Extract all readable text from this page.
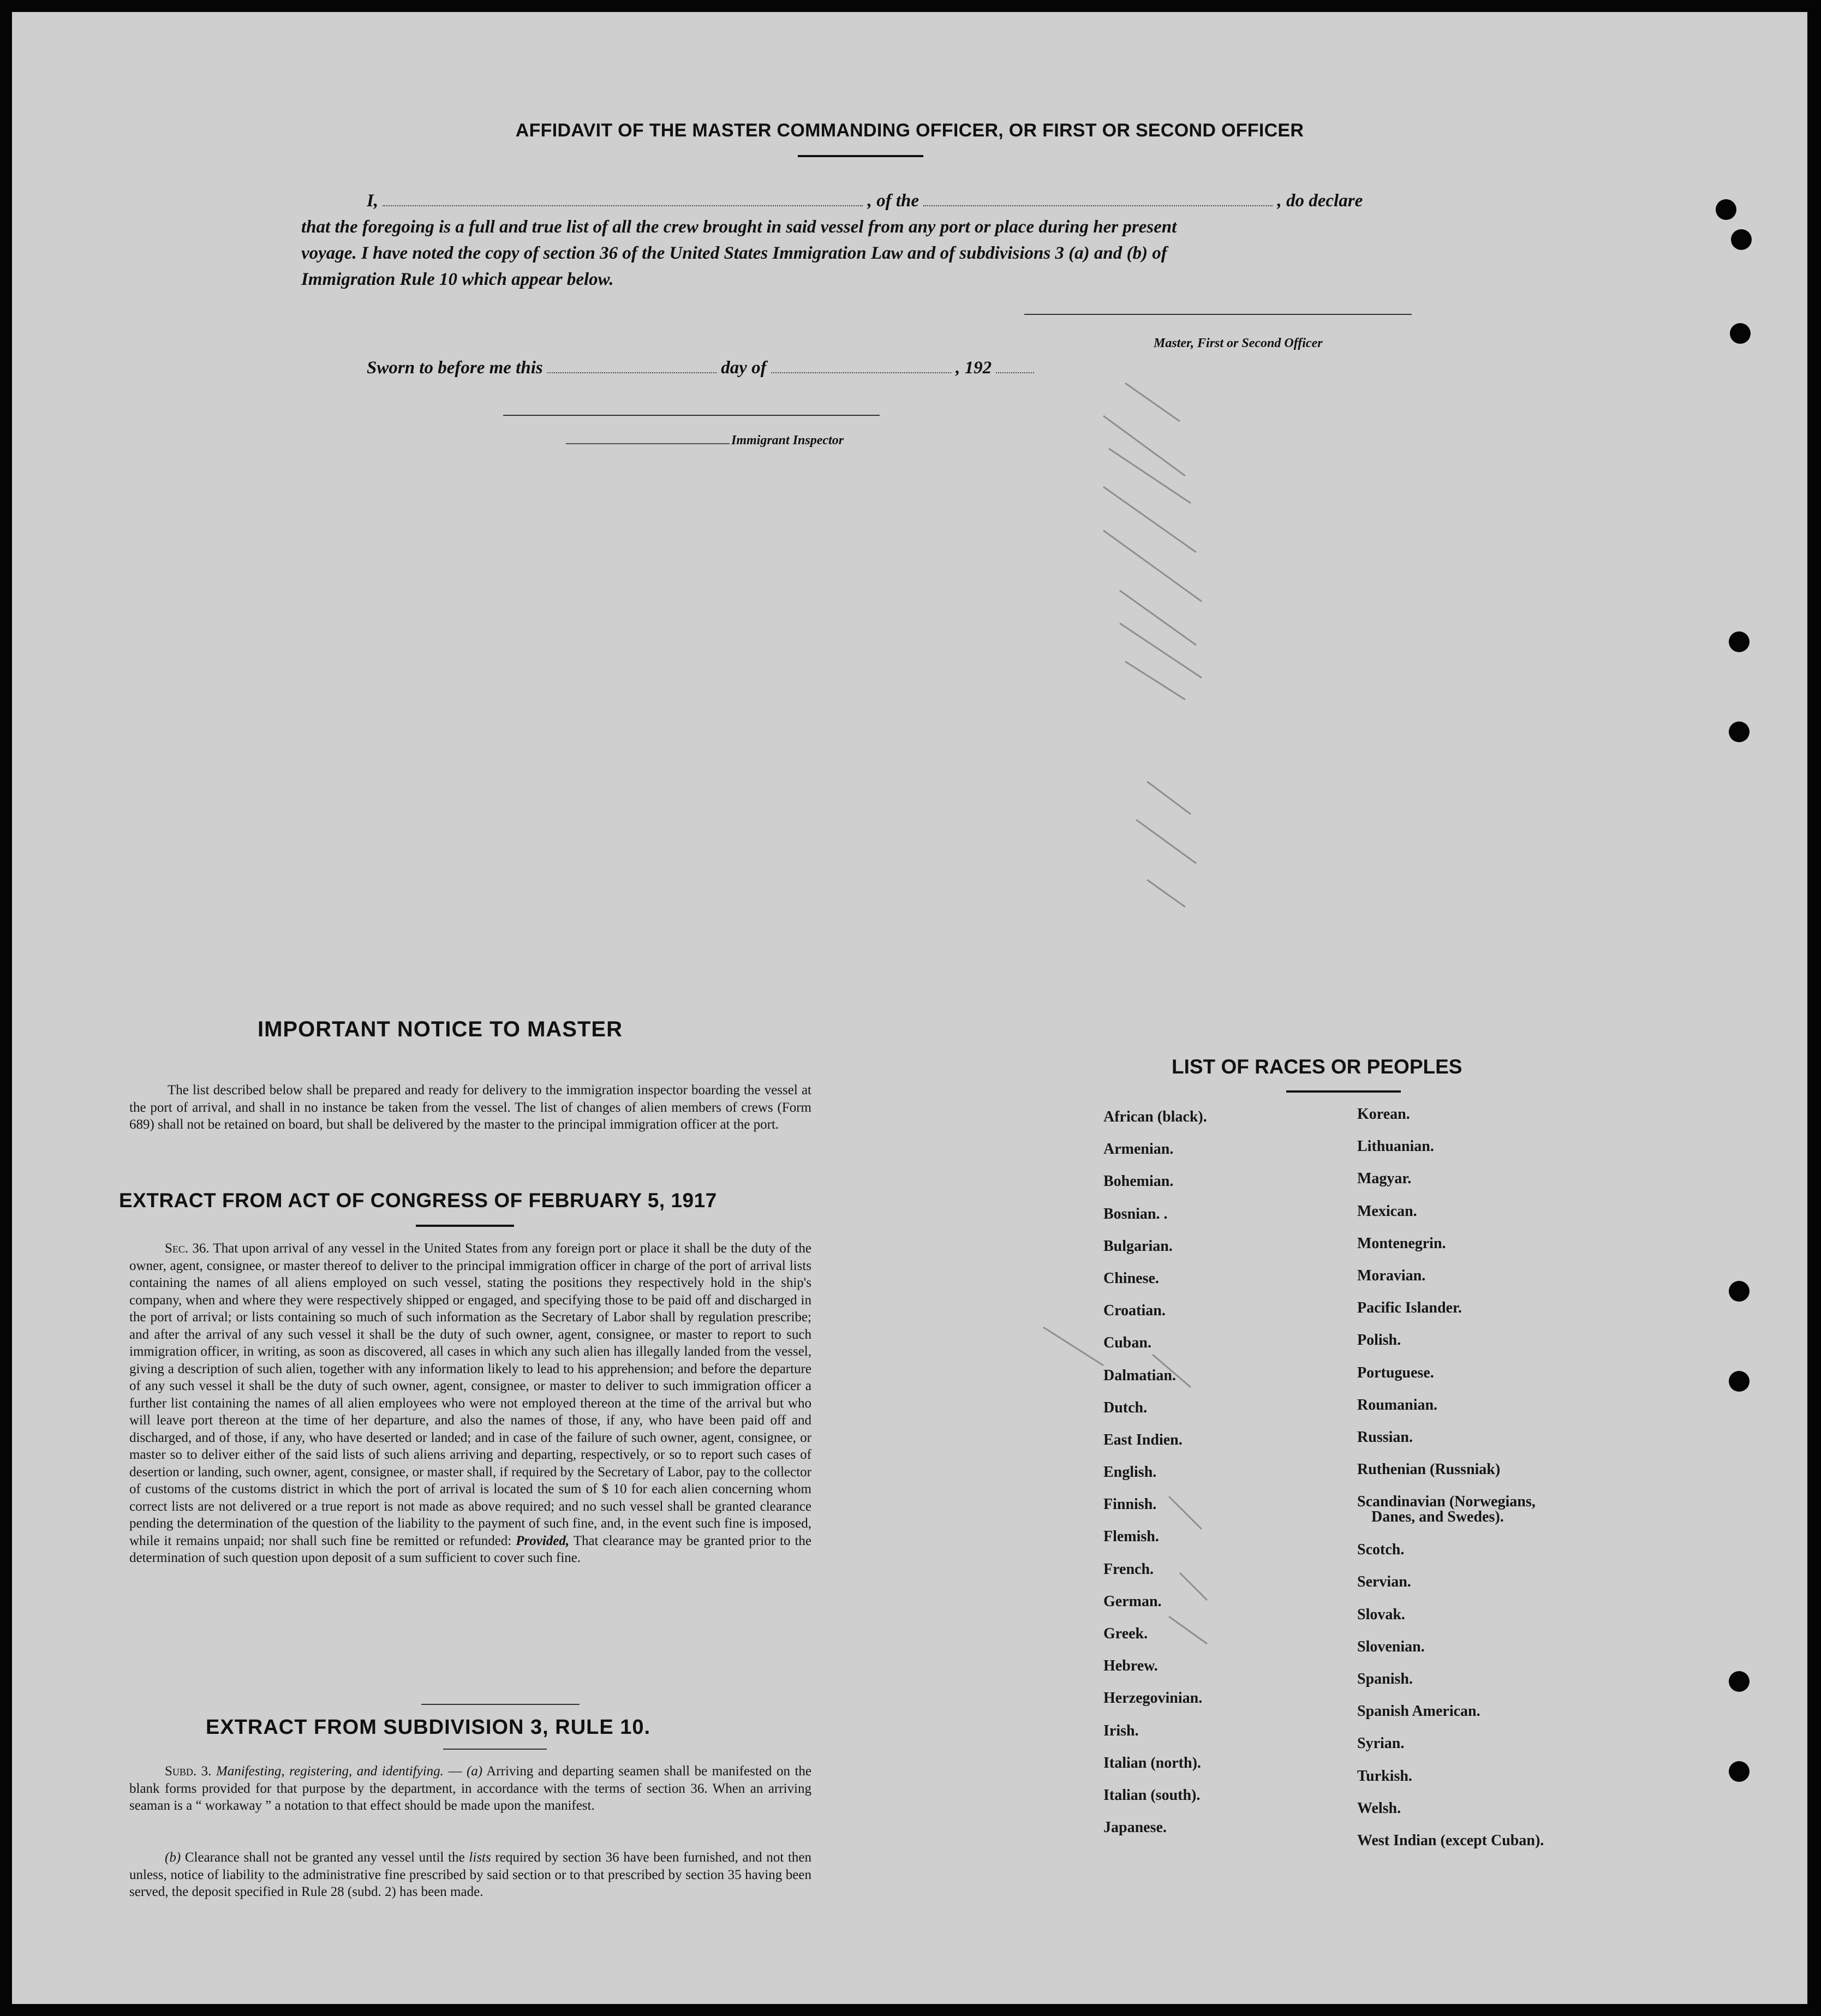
AFFIDAVIT OF THE MASTER COMMANDING OFFICER, OR FIRST OR SECOND OFFICER
I,	, of the	, do declare
that the foregoing is a full and true list of all the crew brought in said vessel from any port or place during her present
voyage. I have noted the copy of section 36 of the United States Immigration Law and of subdivisions 3 (a) and (b) of
Immigration Rule 10 which appear below.
Master, First or Second Officer
Sworn to before me this	day of	, 192
Immigrant Inspector
IMPORTANT NOTICE TO MASTER
The list described below shall be prepared and ready for delivery to the immigration inspector boarding the vessel at the port of arrival, and shall in no instance be taken from the vessel. The list of changes of alien members of crews (Form 689) shall not be retained on board, but shall be delivered by the master to the principal immigration officer at the port.
EXTRACT FROM ACT OF CONGRESS OF FEBRUARY 5, 1917
Sec. 36. That upon arrival of any vessel in the United States from any foreign port or place it shall be the duty of the owner, agent, consignee, or master thereof to deliver to the principal immigration officer in charge of the port of arrival lists containing the names of all aliens employed on such vessel, stating the positions they respectively hold in the ship's company, when and where they were respectively shipped or engaged, and specifying those to be paid off and discharged in the port of arrival; or lists containing so much of such information as the Secretary of Labor shall by regulation prescribe; and after the arrival of any such vessel it shall be the duty of such owner, agent, consignee, or master to report to such immigration officer, in writing, as soon as discovered, all cases in which any such alien has illegally landed from the vessel, giving a description of such alien, together with any information likely to lead to his apprehension; and before the departure of any such vessel it shall be the duty of such owner, agent, consignee, or master to deliver to such immigration officer a further list containing the names of all alien employees who were not employed thereon at the time of the arrival but who will leave port thereon at the time of her departure, and also the names of those, if any, who have been paid off and discharged, and of those, if any, who have deserted or landed; and in case of the failure of such owner, agent, consignee, or master so to deliver either of the said lists of such aliens arriving and departing, respectively, or so to report such cases of desertion or landing, such owner, agent, consignee, or master shall, if required by the Secretary of Labor, pay to the collector of customs of the customs district in which the port of arrival is located the sum of $ 10 for each alien concerning whom correct lists are not delivered or a true report is not made as above required; and no such vessel shall be granted clearance pending the determination of the question of the liability to the payment of such fine, and, in the event such fine is imposed, while it remains unpaid; nor shall such fine be remitted or refunded: Provided, That clearance may be granted prior to the determination of such question upon deposit of a sum sufficient to cover such fine.
EXTRACT FROM SUBDIVISION 3, RULE 10.
Subd. 3. Manifesting, registering, and identifying. — (a) Arriving and departing seamen shall be manifested on the blank forms provided for that purpose by the department, in accordance with the terms of section 36. When an arriving seaman is a “ workaway ” a notation to that effect should be made upon the manifest.
(b) Clearance shall not be granted any vessel until the lists required by section 36 have been furnished, and not then unless, notice of liability to the administrative fine prescribed by said section or to that prescribed by section 35 having been served, the deposit specified in Rule 28 (subd. 2) has been made.
LIST OF RACES OR PEOPLES
African (black).
Armenian.
Bohemian.
Bosnian. .
Bulgarian.
Chinese.
Croatian.
Cuban.
Dalmatian.
Dutch.
East Indien.
English.
Finnish.
Flemish.
French.
German.
Greek.
Hebrew.
Herzegovinian.
Irish.
Italian (north).
Italian (south).
Japanese.
Korean.
Lithuanian.
Magyar.
Mexican.
Montenegrin.
Moravian.
Pacific Islander.
Polish.
Portuguese.
Roumanian.
Russian.
Ruthenian (Russniak)
Scandinavian (Norwegians,
Danes, and Swedes).
Scotch.
Servian.
Slovak.
Slovenian.
Spanish.
Spanish American.
Syrian.
Turkish.
Welsh.
West Indian (except Cuban).
